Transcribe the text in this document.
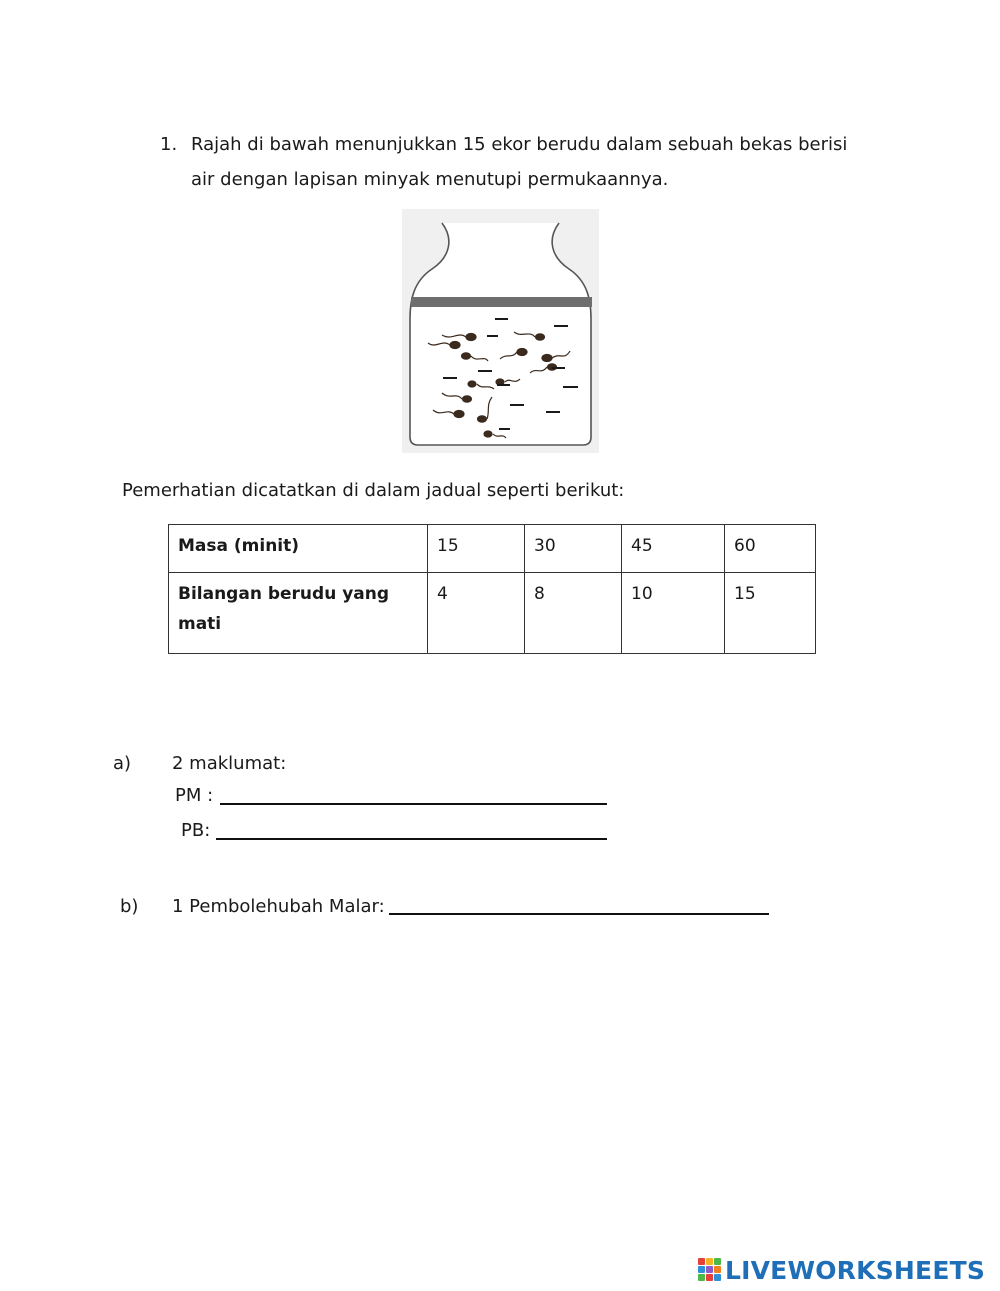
1. Rajah di bawah menunjukkan 15 ekor berudu dalam sebuah bekas berisi
air dengan lapisan minyak menutupi permukaannya.
Pemerhatian dicatatkan di dalam jadual seperti berikut:
Masa (minit)	15	30	45	60
Bilangan berudu yang
mati	4	8	10	15
a) 2 maklumat:
PM :
PB:
b) 1 Pembolehubah Malar:
LIVEWORKSHEETS
